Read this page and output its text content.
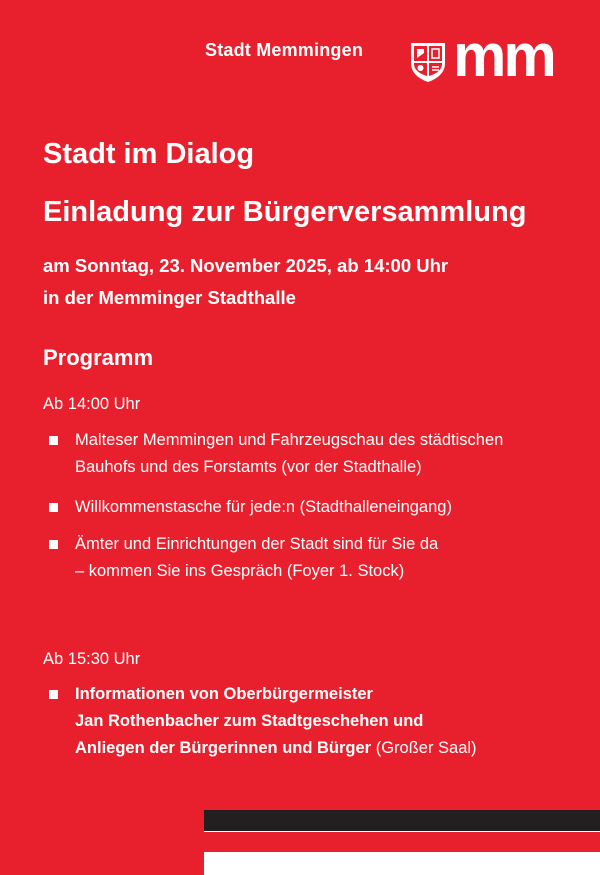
Stadt Memmingen mm
Stadt im Dialog
Einladung zur Bürgerversammlung
am Sonntag, 23. November 2025, ab 14:00 Uhr
in der Memminger Stadthalle
Programm
Ab 14:00 Uhr
Malteser Memmingen und Fahrzeugschau des städtischen
Bauhofs und des Forstamts (vor der Stadthalle)
Willkommenstasche für jede:n (Stadthalleneingang)
Ämter und Einrichtungen der Stadt sind für Sie da
– kommen Sie ins Gespräch (Foyer 1. Stock)
Ab 15:30 Uhr
Informationen von Oberbürgermeister
Jan Rothenbacher zum Stadtgeschehen und
Anliegen der Bürgerinnen und Bürger (Großer Saal)
